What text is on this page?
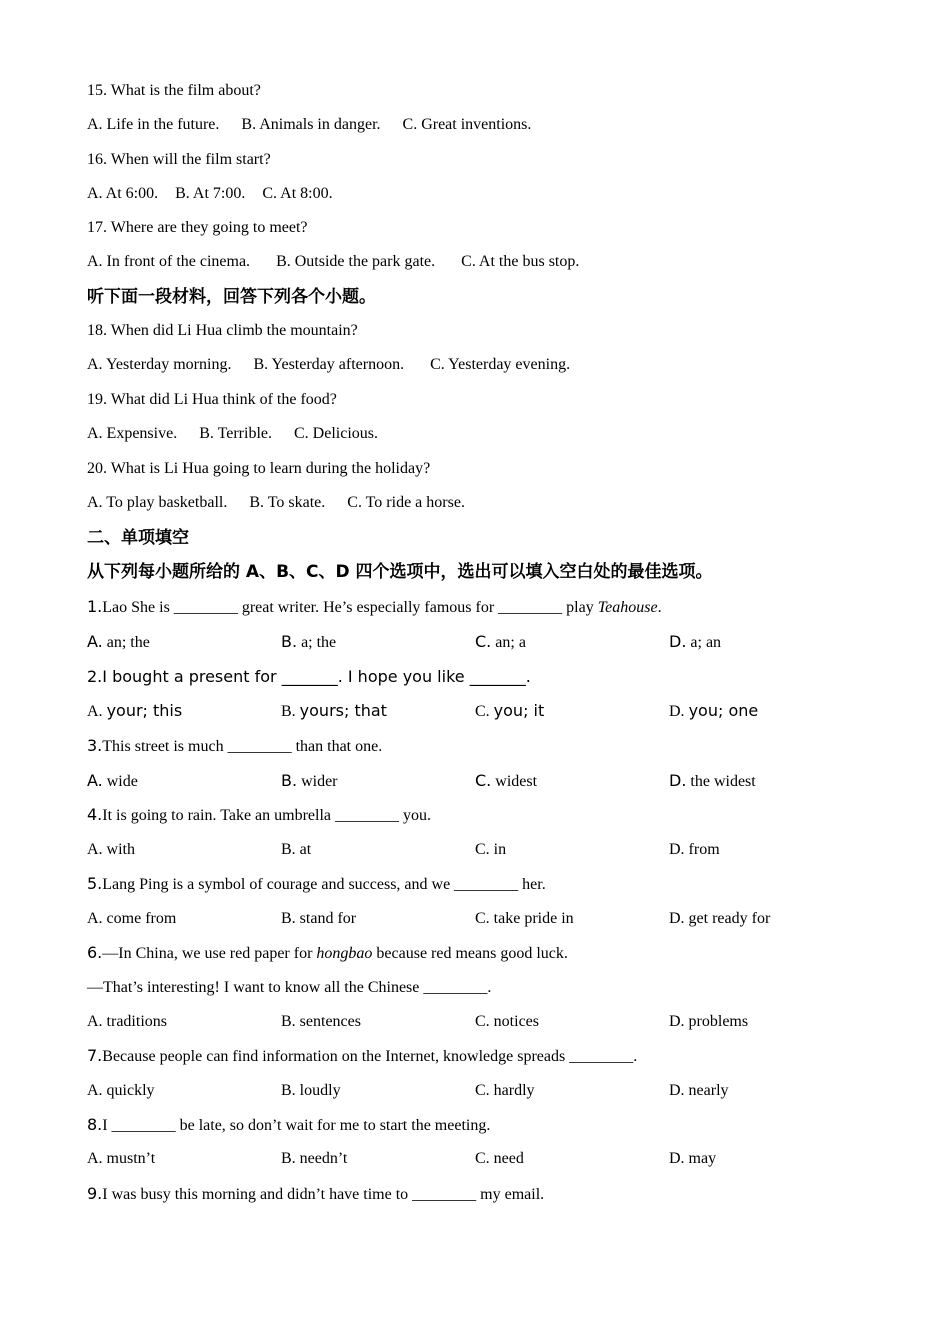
15. What is the film about?
A. Life in the future. B. Animals in danger. C. Great inventions.
16. When will the film start?
A. At 6:00. B. At 7:00. C. At 8:00.
17. Where are they going to meet?
A. In front of the cinema. B. Outside the park gate. C. At the bus stop.
听下面一段材料，回答下列各个小题。
18. When did Li Hua climb the mountain?
A. Yesterday morning. B. Yesterday afternoon. C. Yesterday evening.
19. What did Li Hua think of the food?
A. Expensive. B. Terrible. C. Delicious.
20. What is Li Hua going to learn during the holiday?
A. To play basketball. B. To skate. C. To ride a horse.
二、单项填空
从下列每小题所给的 A、B、C、D 四个选项中，选出可以填入空白处的最佳选项。
1.Lao She is ________ great writer. He’s especially famous for ________ play Teahouse.
A. an; the	B. a; the	C. an; a	D. a; an
2.I bought a present for _______. I hope you like _______.
A. your; this	B. yours; that	C. you; it	D. you; one
3.This street is much ________ than that one.
A. wide	B. wider	C. widest	D. the widest
4.It is going to rain. Take an umbrella ________ you.
A. with	B. at	C. in	D. from
5.Lang Ping is a symbol of courage and success, and we ________ her.
A. come from	B. stand for	C. take pride in	D. get ready for
6.—In China, we use red paper for hongbao because red means good luck.
—That’s interesting! I want to know all the Chinese ________.
A. traditions	B. sentences	C. notices	D. problems
7.Because people can find information on the Internet, knowledge spreads ________.
A. quickly	B. loudly	C. hardly	D. nearly
8.I ________ be late, so don’t wait for me to start the meeting.
A. mustn’t	B. needn’t	C. need	D. may
9.I was busy this morning and didn’t have time to ________ my email.
